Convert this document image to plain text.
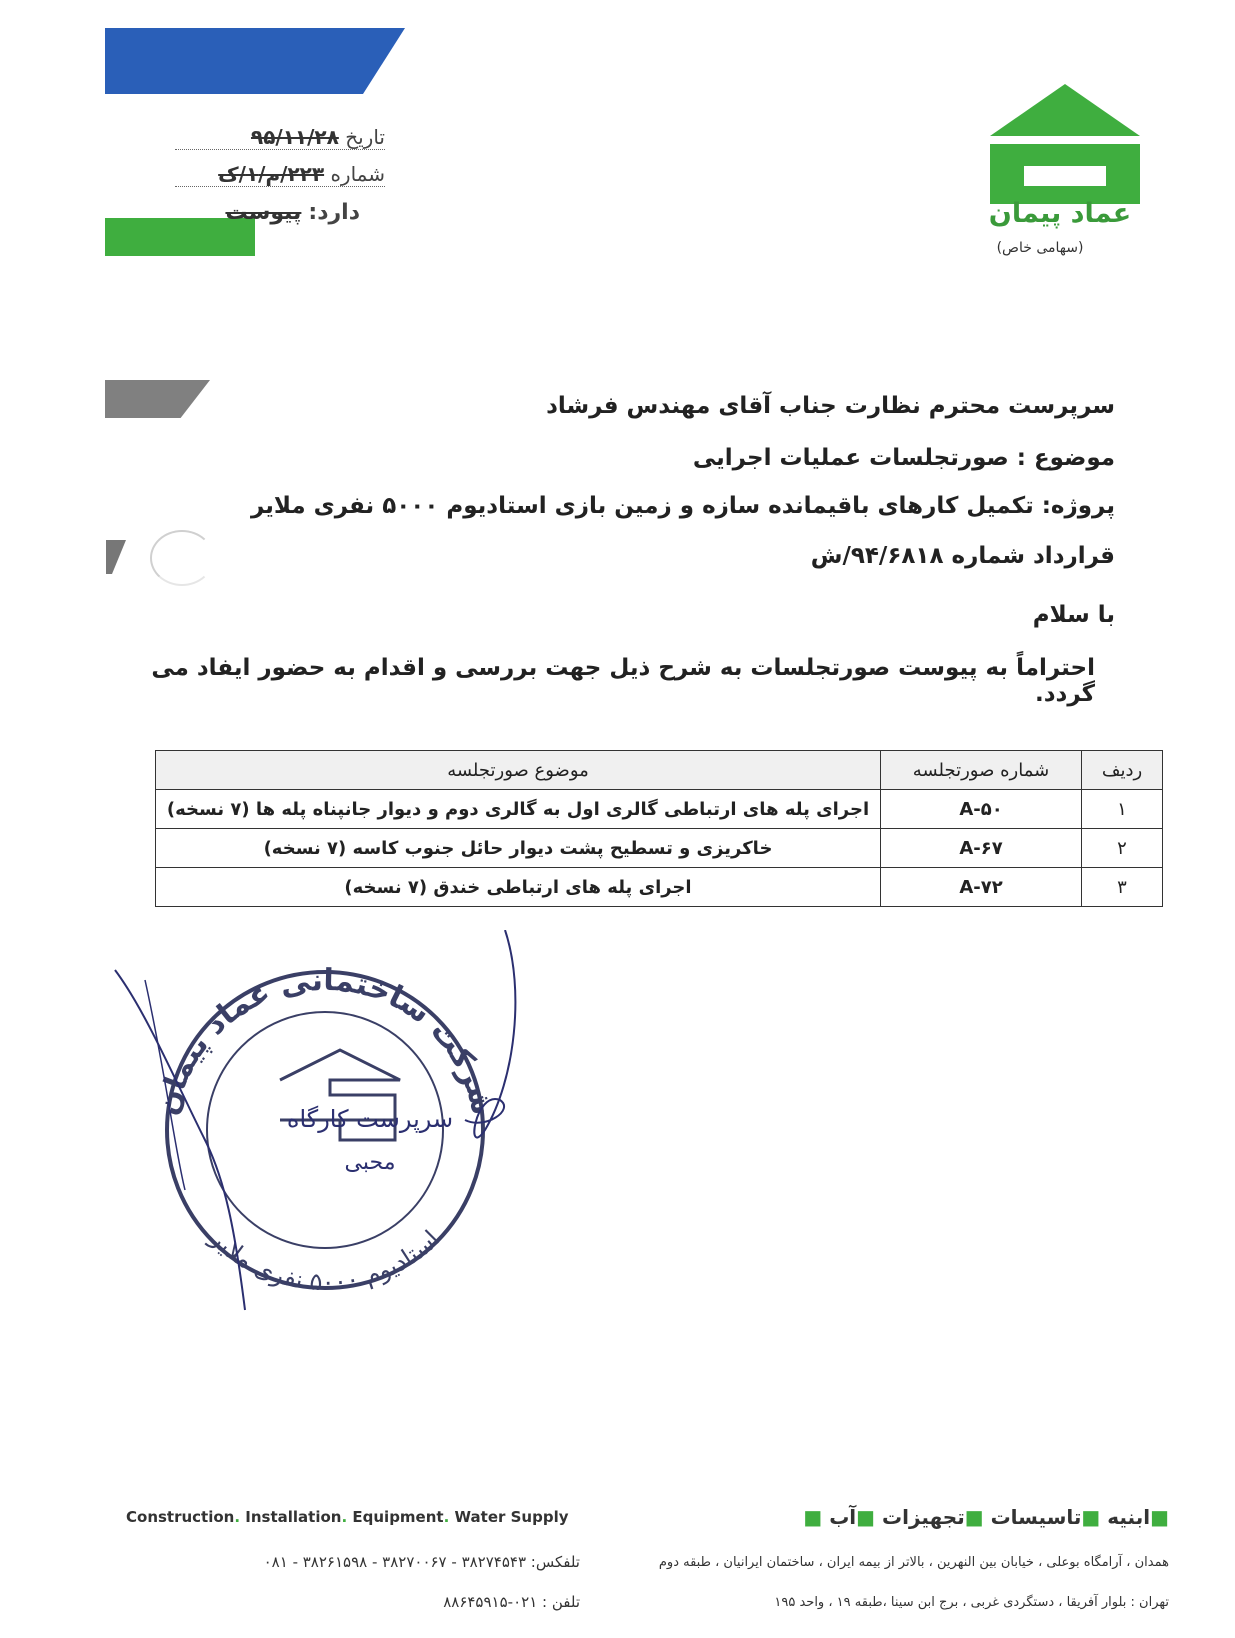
تاریخ ۹۵/۱۱/۲۸
شماره ۲۲۳/م/۱/ک
دارد: پیوست	عماد پیمان
(سهامی خاص)
سرپرست محترم نظارت جناب آقای مهندس فرشاد
موضوع : صورتجلسات عملیات اجرایی
پروژه: تکمیل کارهای باقیمانده سازه و زمین بازی استادیوم ۵۰۰۰ نفری ملایر
قرارداد شماره ۹۴/۶۸۱۸/ش
با سلام
احتراماً به پیوست صورتجلسات به شرح ذیل جهت بررسی و اقدام به حضور ایفاد می گردد.
ردیف	شماره صورتجلسه	موضوع صورتجلسه
۱	A-۵۰	اجرای پله های ارتباطی گالری اول به گالری دوم و دیوار جانپناه پله ها (۷ نسخه)
۲	A-۶۷	خاکریزی و تسطیح پشت دیوار حائل جنوب کاسه (۷ نسخه)
۳	A-۷۲	اجرای پله های ارتباطی خندق (۷ نسخه)
شرکت ساختمانی عماد پیمان
استادیوم ۵۰۰۰ نفری ملایر
سرپرست کارگاه
محبی
Construction. Installation. Equipment. Water Supply	■ابنیه ■تاسیسات ■تجهیزات ■آب ■
همدان ، آرامگاه بوعلی ، خیابان بین النهرین ، بالاتر از بیمه ایران ، ساختمان ایرانیان ، طبقه دوم
تلفکس: ۳۸۲۷۴۵۴۳ - ۳۸۲۷۰۰۶۷ - ۳۸۲۶۱۵۹۸ - ۰۸۱
تهران : بلوار آفریقا ، دستگردی غربی ، برج ابن سینا ،طبقه ۱۹ ، واحد ۱۹۵
تلفن : ۰۲۱-۸۸۶۴۵۹۱۵
